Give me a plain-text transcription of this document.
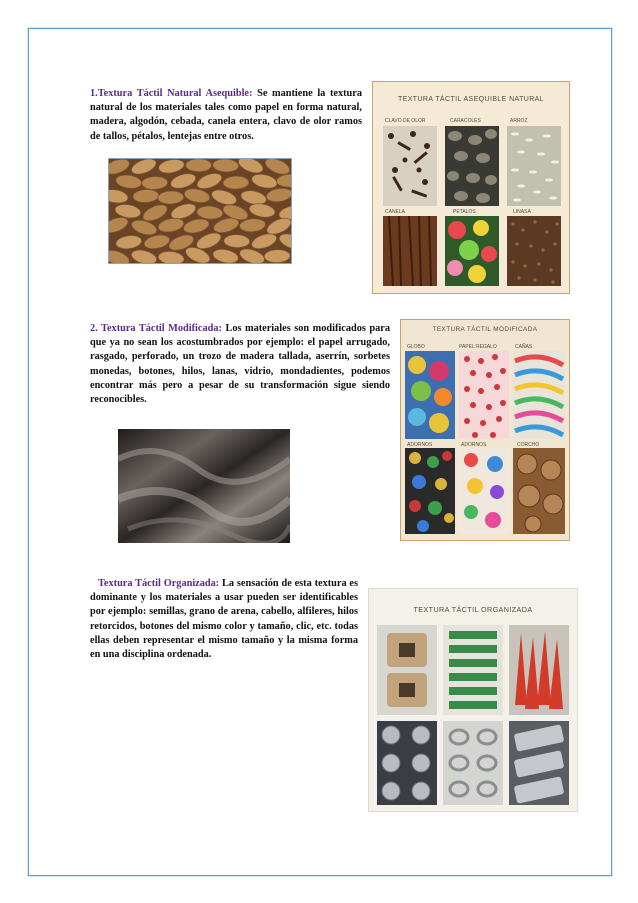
1.Textura Táctil Natural Asequible: Se mantiene la textura natural de los materiales tales como papel en forma natural, madera, algodón, cebada, canela entera, clavo de olor ramos de tallos, pétalos, lentejas entre otros.
TEXTURA TÁCTIL ASEQUIBLE NATURAL
CLAVO DE OLOR	CARACOLES	ARROZ
CANELA	PETALOS	LINASA
2. Textura Táctil Modificada: Los materiales son modificados para que ya no sean los acostumbrados por ejemplo: el papel arrugado, rasgado, perforado, un trozo de madera tallada, aserrín, sorbetes monedas, botones, hilos, lanas, vidrio, mondadientes, podemos encontrar más pero a pesar de su transformación sigue siendo reconocibles.
TEXTURA TÁCTIL MODIFICADA
GLOBO	PAPEL REGALO	CAÑAS
ADORNOS	ADORNOS	CORCHO
Textura Táctil Organizada: La sensación de esta textura es dominante y los materiales a usar pueden ser identificables por ejemplo: semillas, grano de arena, cabello, alfileres, hilos retorcidos, botones del mismo color y tamaño, clic, etc. todas ellas deben representar el mismo tamaño y la misma forma en una disciplina ordenada.
TEXTURA TÁCTIL ORGANIZADA
